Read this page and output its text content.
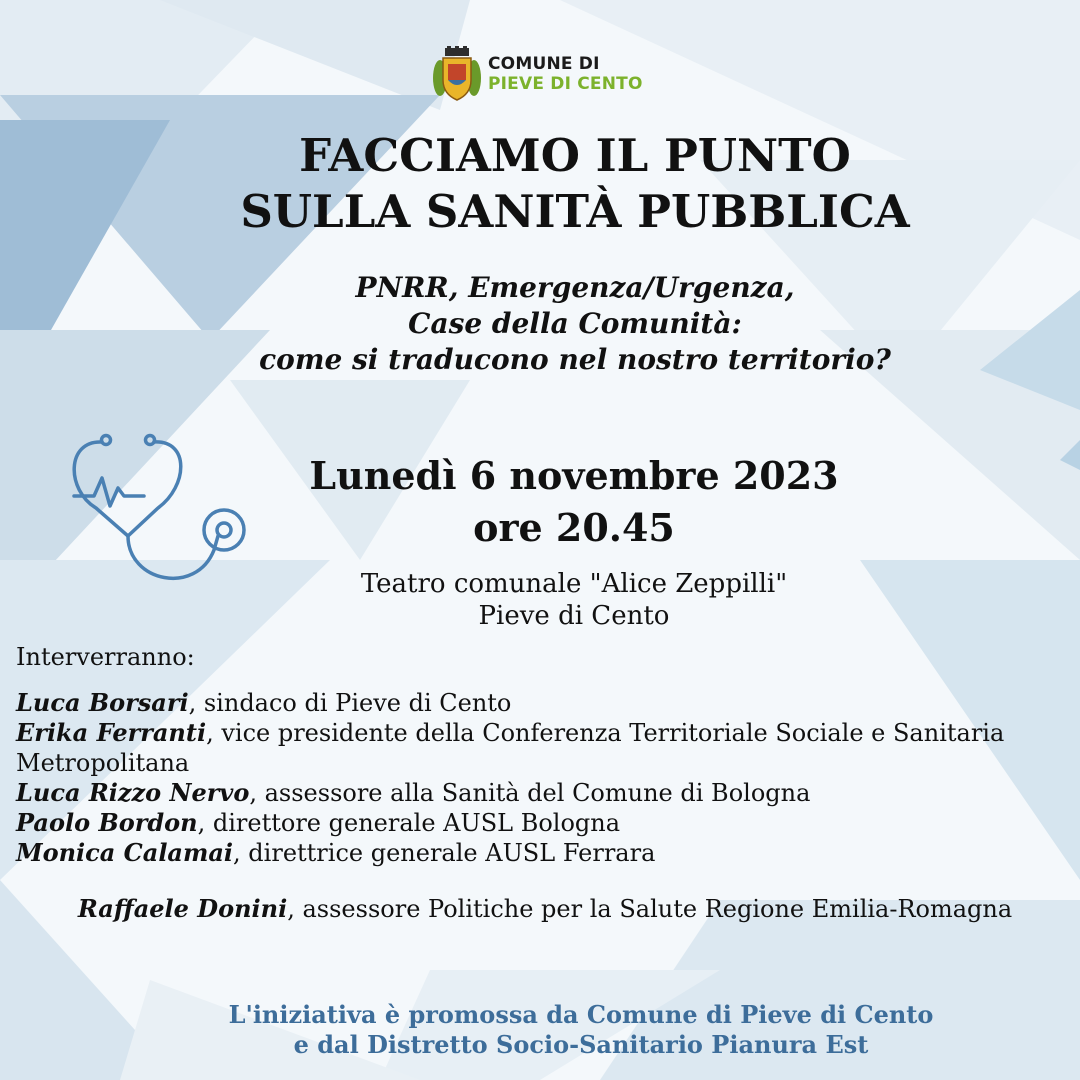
COMUNE DI
PIEVE DI CENTO
FACCIAMO IL PUNTO
SULLA SANITÀ PUBBLICA
PNRR, Emergenza/Urgenza,
Case della Comunità:
come si traducono nel nostro territorio?
Lunedì 6 novembre 2023
ore 20.45
Teatro comunale "Alice Zeppilli"
Pieve di Cento
Interverranno:
Luca Borsari, sindaco di Pieve di Cento
Erika Ferranti, vice presidente della Conferenza Territoriale Sociale e Sanitaria Metropolitana
Luca Rizzo Nervo, assessore alla Sanità del Comune di Bologna
Paolo Bordon, direttore generale AUSL Bologna
Monica Calamai, direttrice generale AUSL Ferrara
Raffaele Donini, assessore Politiche per la Salute Regione Emilia-Romagna
L'iniziativa è promossa da Comune di Pieve di Cento
e dal Distretto Socio-Sanitario Pianura Est
